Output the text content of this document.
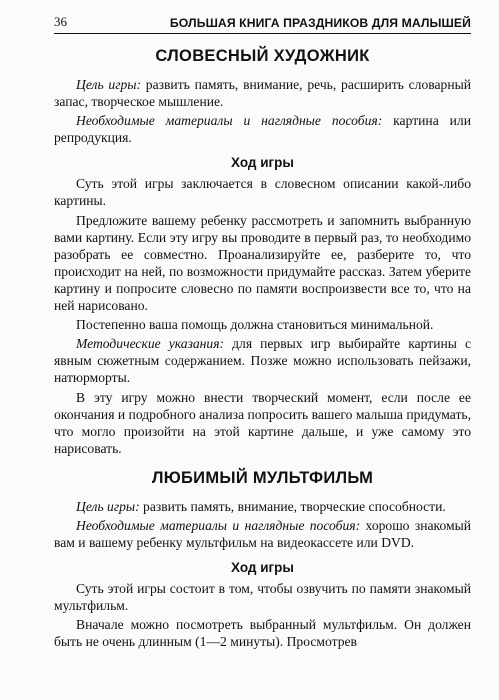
36	БОЛЬШАЯ КНИГА ПРАЗДНИКОВ ДЛЯ МАЛЫШЕЙ
СЛОВЕСНЫЙ ХУДОЖНИК

Цель игры: развить память, внимание, речь, расширить словарный запас, творческое мышление.

Необходимые материалы и наглядные пособия: картина или репродукция.

Ход игры

Суть этой игры заключается в словесном описании какой-либо картины.

Предложите вашему ребенку рассмотреть и запомнить выбранную вами картину. Если эту игру вы проводите в первый раз, то необходимо разобрать ее совместно. Проанализируйте ее, разберите то, что происходит на ней, по возможности придумайте рассказ. Затем уберите картину и попросите словесно по памяти воспроизвести все то, что на ней нарисовано.

Постепенно ваша помощь должна становиться минимальной.

Методические указания: для первых игр выбирайте картины с явным сюжетным содержанием. Позже можно использовать пейзажи, натюрморты.

В эту игру можно внести творческий момент, если после ее окончания и подробного анализа попросить вашего малыша придумать, что могло произойти на этой картине дальше, и уже самому это нарисовать.

ЛЮБИМЫЙ МУЛЬТФИЛЬМ

Цель игры: развить память, внимание, творческие способности.

Необходимые материалы и наглядные пособия: хорошо знакомый вам и вашему ребенку мультфильм на видеокассете или DVD.

Ход игры

Суть этой игры состоит в том, чтобы озвучить по памяти знакомый мультфильм.

Вначале можно посмотреть выбранный мультфильм. Он должен быть не очень длинным (1—2 минуты). Просмотрев
